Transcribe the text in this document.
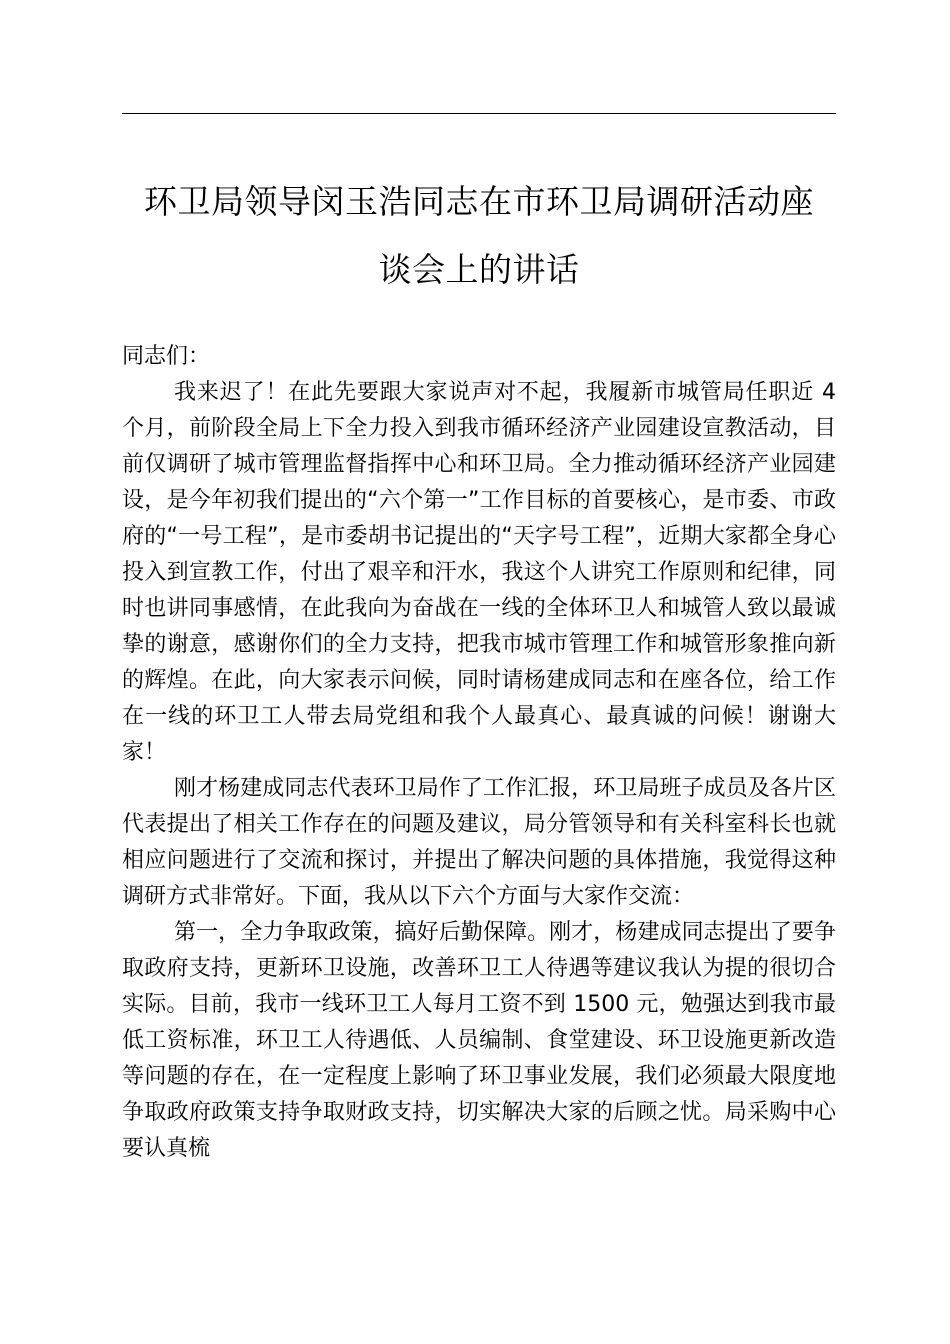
环卫局领导闵玉浩同志在市环卫局调研活动座
谈会上的讲话
同志们：

我来迟了！在此先要跟大家说声对不起，我履新市城管局任职近 4 个月，前阶段全局上下全力投入到我市循环经济产业园建设宣教活动，目前仅调研了城市管理监督指挥中心和环卫局。全力推动循环经济产业园建设，是今年初我们提出的“六个第一”工作目标的首要核心，是市委、市政府的“一号工程”，是市委胡书记提出的“天字号工程”，近期大家都全身心投入到宣教工作，付出了艰辛和汗水，我这个人讲究工作原则和纪律，同时也讲同事感情，在此我向为奋战在一线的全体环卫人和城管人致以最诚挚的谢意，感谢你们的全力支持，把我市城市管理工作和城管形象推向新的辉煌。在此，向大家表示问候，同时请杨建成同志和在座各位，给工作在一线的环卫工人带去局党组和我个人最真心、最真诚的问候！谢谢大家！

刚才杨建成同志代表环卫局作了工作汇报，环卫局班子成员及各片区代表提出了相关工作存在的问题及建议，局分管领导和有关科室科长也就相应问题进行了交流和探讨，并提出了解决问题的具体措施，我觉得这种调研方式非常好。下面，我从以下六个方面与大家作交流：

第一，全力争取政策，搞好后勤保障。刚才，杨建成同志提出了要争取政府支持，更新环卫设施，改善环卫工人待遇等建议我认为提的很切合实际。目前，我市一线环卫工人每月工资不到 1500 元，勉强达到我市最低工资标准，环卫工人待遇低、人员编制、食堂建设、环卫设施更新改造等问题的存在，在一定程度上影响了环卫事业发展，我们必须最大限度地争取政府政策支持争取财政支持，切实解决大家的后顾之忧。局采购中心要认真梳
